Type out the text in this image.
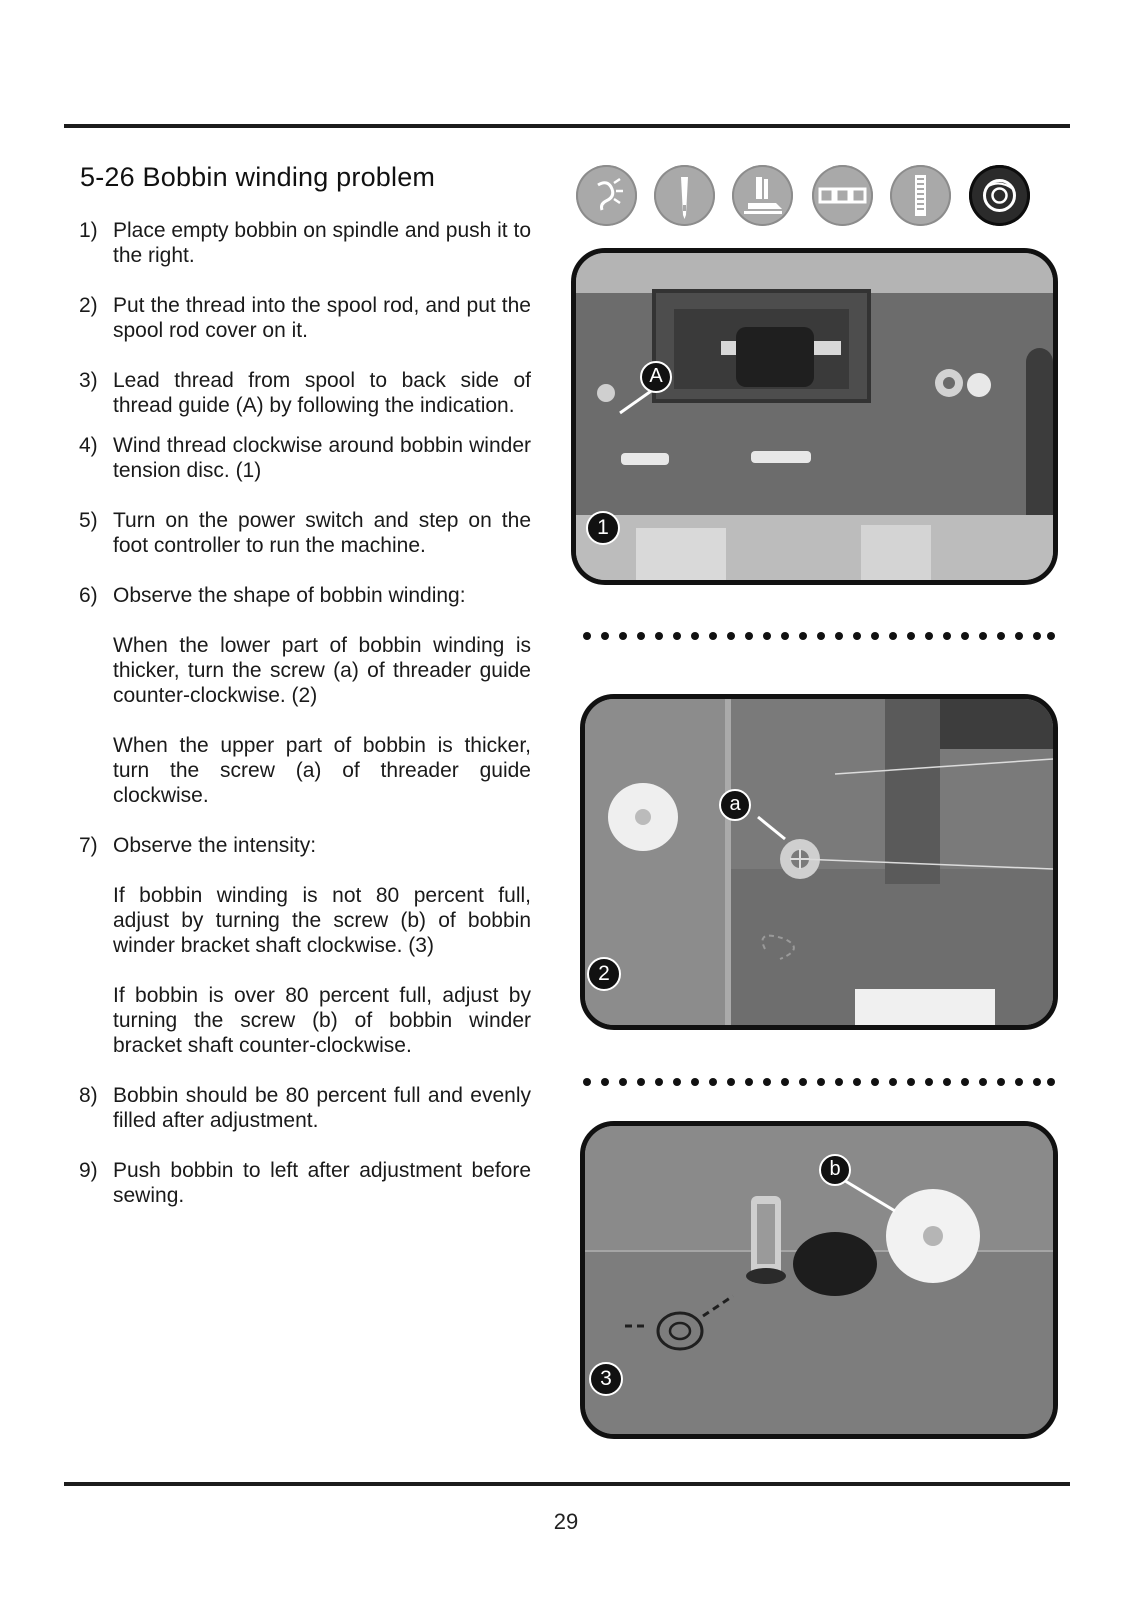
5-26 Bobbin winding problem
1) Place empty bobbin on spindle and push it to the right.
2) Put the thread into the spool rod, and put the spool rod cover on it.
3) Lead thread from spool to back side of thread guide (A) by following the indication.
4) Wind thread clockwise around bobbin winder tension disc. (1)
5) Turn on the power switch and step on the foot controller to run the machine.
6) Observe the shape of bobbin winding:
When the lower part of bobbin winding is thicker, turn the screw (a) of threader guide counter-clockwise. (2)
When the upper part of bobbin is thicker, turn the screw (a) of threader guide clockwise.
7) Observe the intensity:
If bobbin winding is not 80 percent full, adjust by turning the screw (b) of bobbin winder bracket shaft clockwise. (3)
If bobbin is over 80 percent full, adjust by turning the screw (b) of bobbin winder bracket shaft counter-clockwise.
8) Bobbin should be 80 percent full and evenly filled after adjustment.
9) Push bobbin to left after adjustment before sewing.
A
1
a
2
b
3
29
